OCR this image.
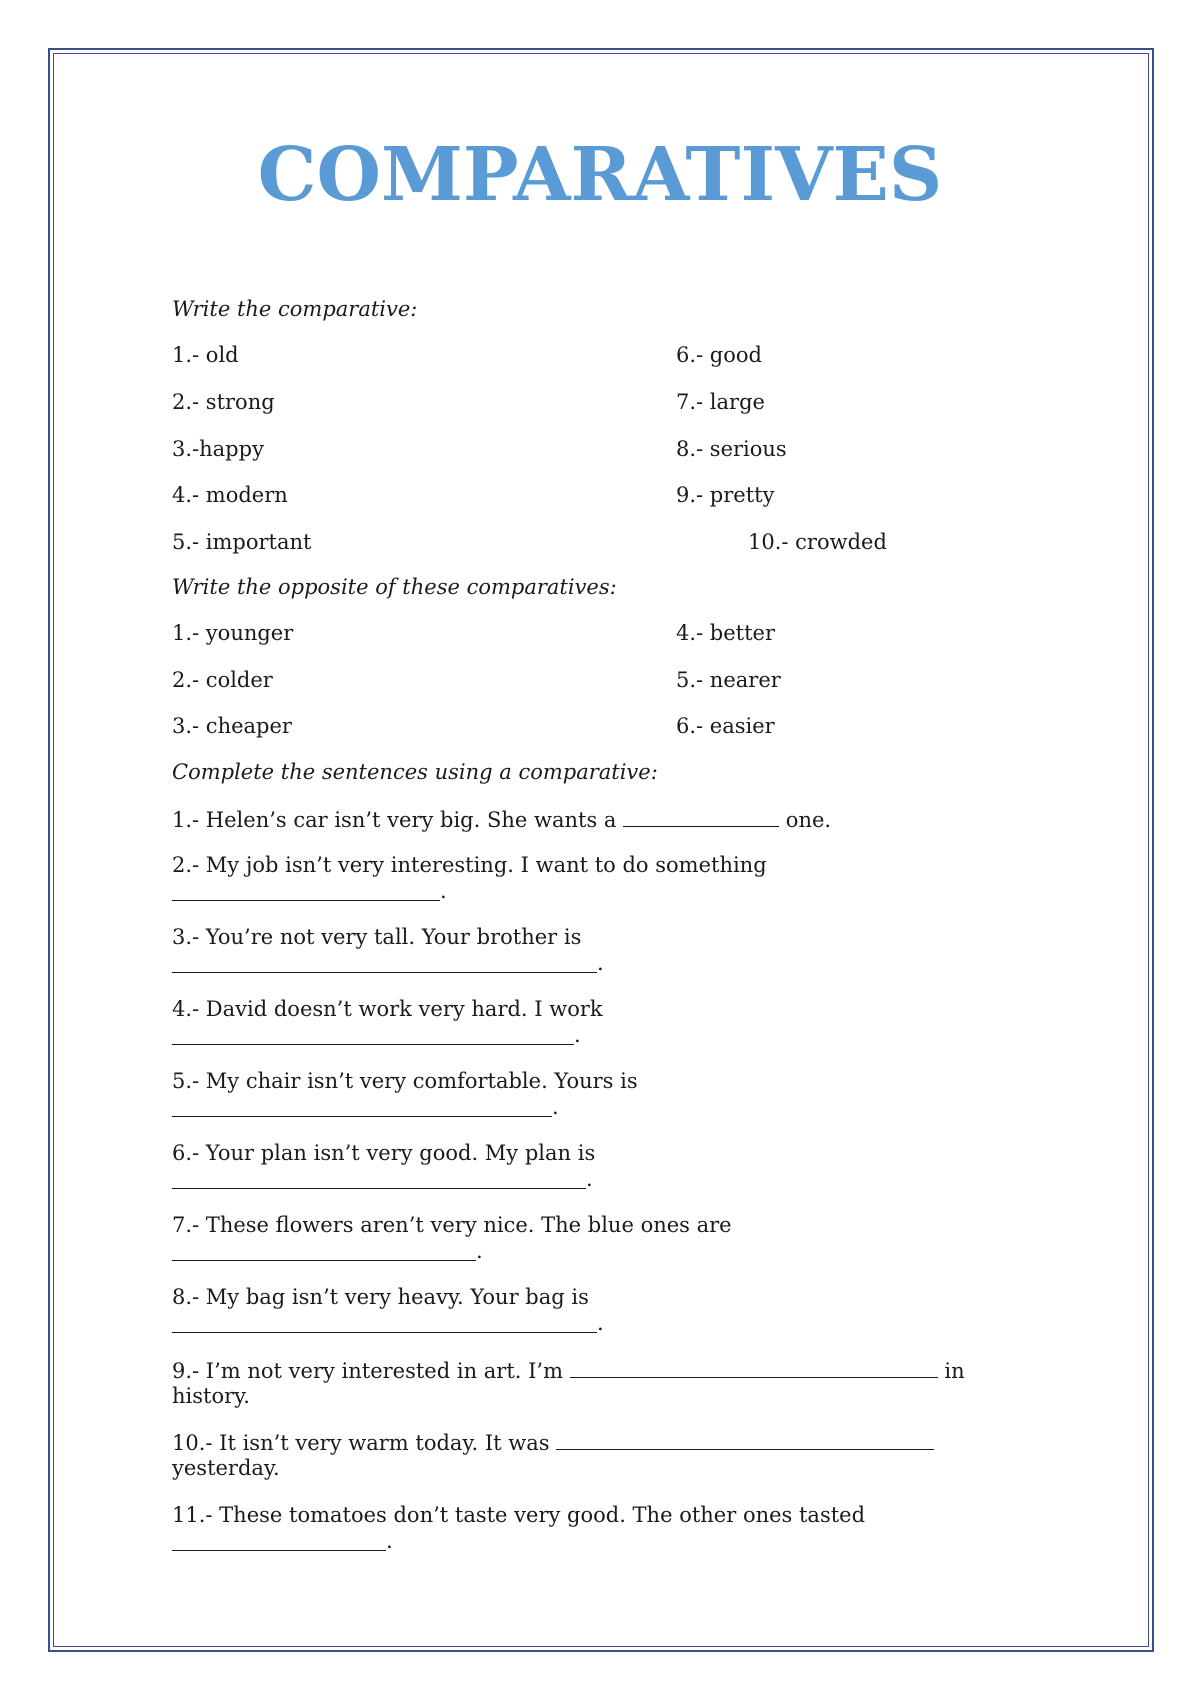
COMPARATIVES
Write the comparative:
1.- old
2.- strong
3.-happy
4.- modern
5.- important
6.- good
7.- large
8.- serious
9.- pretty
10.- crowded
Write the opposite of these comparatives:
1.- younger
2.- colder
3.- cheaper
4.- better
5.- nearer
6.- easier
Complete the sentences using a comparative:
1.- Helen’s car isn’t very big. She wants a	one.
2.- My job isn’t very interesting. I want to do something
.
3.- You’re not very tall. Your brother is
.
4.- David doesn’t work very hard. I work
.
5.- My chair isn’t very comfortable. Yours is
.
6.- Your plan isn’t very good. My plan is
.
7.- These flowers aren’t very nice. The blue ones are
.
8.- My bag isn’t very heavy. Your bag is
.
9.- I’m not very interested in art. I’m	in
history.
10.- It isn’t very warm today. It was
yesterday.
11.- These tomatoes don’t taste very good. The other ones tasted
.
